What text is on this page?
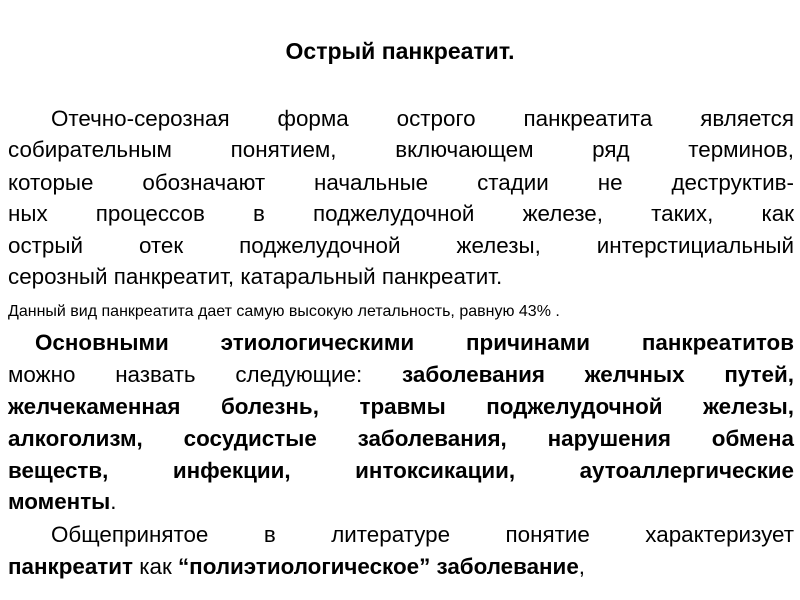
Острый панкреатит.
Отечно-серозная форма острого панкреатита является
собирательным понятием, включающем ряд терминов,
которые обозначают начальные стадии не деструктив-
ных процессов в поджелудочной железе, таких, как
острый отек поджелудочной железы, интерстициальный
серозный панкреатит, катаральный панкреатит.
Данный вид панкреатита дает самую высокую летальность, равную 43% .
Основными этиологическими причинами панкреатитов
можно назвать следующие: заболевания желчных путей,
желчекаменная болезнь, травмы поджелудочной железы,
алкоголизм, сосудистые заболевания, нарушения обмена
веществ, инфекции, интоксикации, аутоаллергические
моменты.
Общепринятое в литературе понятие характеризует
панкреатит как “полиэтиологическое” заболевание,
